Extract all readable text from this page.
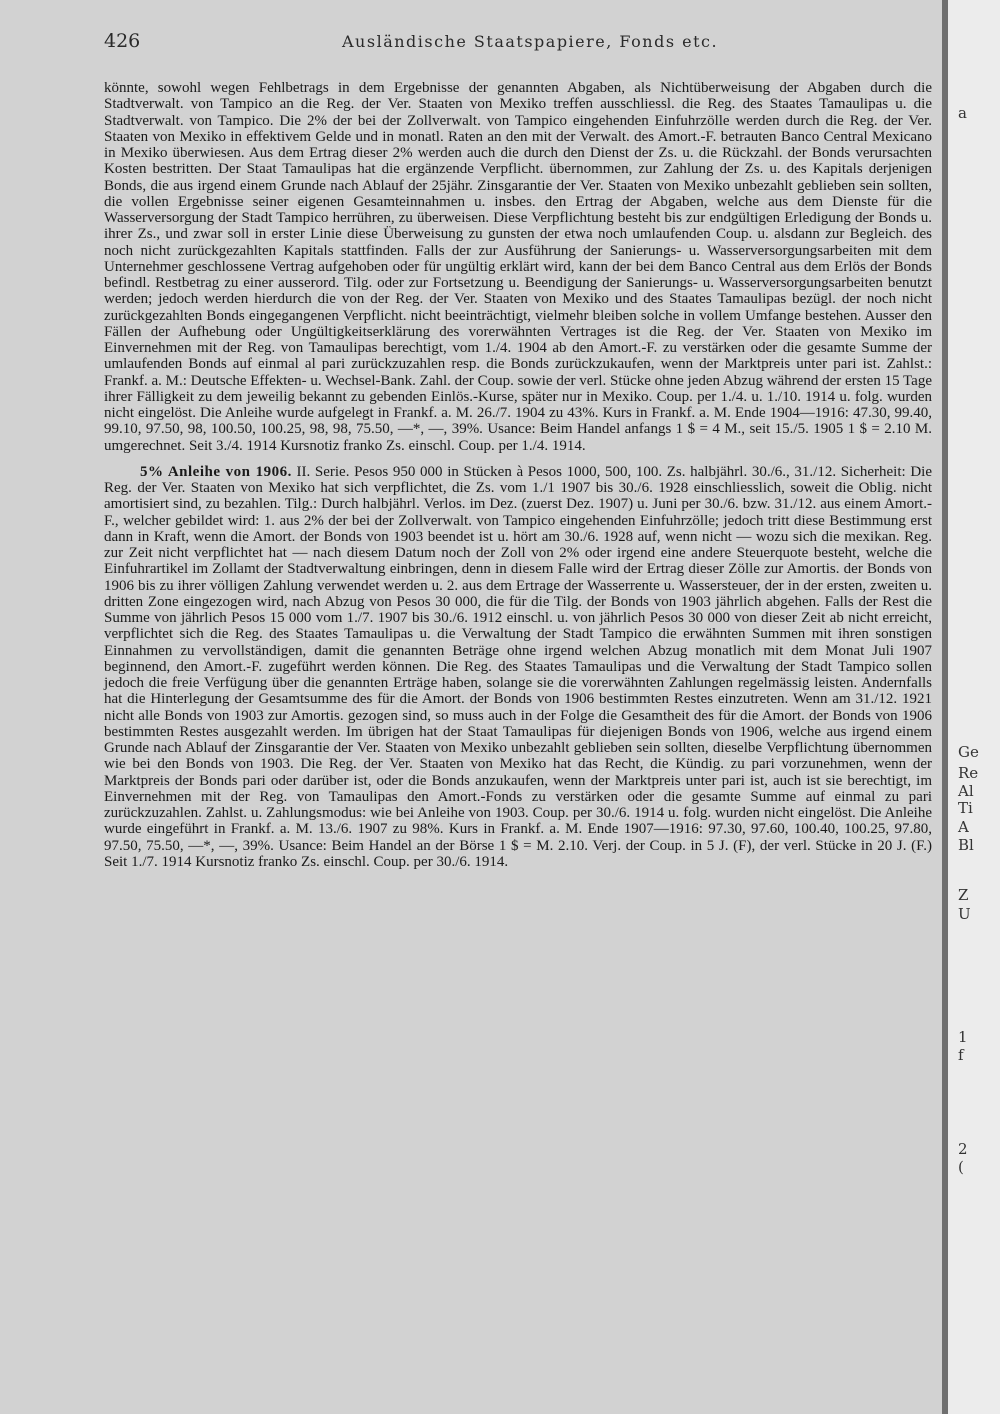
426	Ausländische Staatspapiere, Fonds etc.

könnte, sowohl wegen Fehlbetrags in dem Ergebnisse der genannten Abgaben, als Nichtüberweisung der Abgaben durch die Stadtverwalt. von Tampico an die Reg. der Ver. Staaten von Mexiko treffen ausschliessl. die Reg. des Staates Tamaulipas u. die Stadtverwalt. von Tampico. Die 2% der bei der Zollverwalt. von Tampico eingehenden Einfuhrzölle werden durch die Reg. der Ver. Staaten von Mexiko in effektivem Gelde und in monatl. Raten an den mit der Verwalt. des Amort.-F. betrauten Banco Central Mexicano in Mexiko überwiesen. Aus dem Ertrag dieser 2% werden auch die durch den Dienst der Zs. u. die Rückzahl. der Bonds verursachten Kosten bestritten. Der Staat Tamaulipas hat die ergänzende Verpflicht. übernommen, zur Zahlung der Zs. u. des Kapitals derjenigen Bonds, die aus irgend einem Grunde nach Ablauf der 25jähr. Zinsgarantie der Ver. Staaten von Mexiko unbezahlt geblieben sein sollten, die vollen Ergebnisse seiner eigenen Gesamteinnahmen u. insbes. den Ertrag der Abgaben, welche aus dem Dienste für die Wasserversorgung der Stadt Tampico herrühren, zu überweisen. Diese Verpflichtung besteht bis zur endgültigen Erledigung der Bonds u. ihrer Zs., und zwar soll in erster Linie diese Überweisung zu gunsten der etwa noch umlaufenden Coup. u. alsdann zur Begleich. des noch nicht zurückgezahlten Kapitals stattfinden. Falls der zur Ausführung der Sanierungs- u. Wasserversorgungsarbeiten mit dem Unternehmer geschlossene Vertrag aufgehoben oder für ungültig erklärt wird, kann der bei dem Banco Central aus dem Erlös der Bonds befindl. Restbetrag zu einer ausserord. Tilg. oder zur Fortsetzung u. Beendigung der Sanierungs- u. Wasserversorgungsarbeiten benutzt werden; jedoch werden hierdurch die von der Reg. der Ver. Staaten von Mexiko und des Staates Tamaulipas bezügl. der noch nicht zurückgezahlten Bonds eingegangenen Verpflicht. nicht beeinträchtigt, vielmehr bleiben solche in vollem Umfange bestehen. Ausser den Fällen der Aufhebung oder Ungültigkeitserklärung des vorerwähnten Vertrages ist die Reg. der Ver. Staaten von Mexiko im Einvernehmen mit der Reg. von Tamaulipas berechtigt, vom 1./4. 1904 ab den Amort.-F. zu verstärken oder die gesamte Summe der umlaufenden Bonds auf einmal al pari zurückzuzahlen resp. die Bonds zurückzukaufen, wenn der Marktpreis unter pari ist. Zahlst.: Frankf. a. M.: Deutsche Effekten- u. Wechsel-Bank. Zahl. der Coup. sowie der verl. Stücke ohne jeden Abzug während der ersten 15 Tage ihrer Fälligkeit zu dem jeweilig bekannt zu gebenden Einlös.-Kurse, später nur in Mexiko. Coup. per 1./4. u. 1./10. 1914 u. folg. wurden nicht eingelöst. Die Anleihe wurde aufgelegt in Frankf. a. M. 26./7. 1904 zu 43%. Kurs in Frankf. a. M. Ende 1904—1916: 47.30, 99.40, 99.10, 97.50, 98, 100.50, 100.25, 98, 98, 75.50, —*, —, 39%. Usance: Beim Handel anfangs 1 $ = 4 M., seit 15./5. 1905 1 $ = 2.10 M. umgerechnet. Seit 3./4. 1914 Kursnotiz franko Zs. einschl. Coup. per 1./4. 1914.

5% Anleihe von 1906. II. Serie. Pesos 950 000 in Stücken à Pesos 1000, 500, 100. Zs. halbjährl. 30./6., 31./12. Sicherheit: Die Reg. der Ver. Staaten von Mexiko hat sich verpflichtet, die Zs. vom 1./1 1907 bis 30./6. 1928 einschliesslich, soweit die Oblig. nicht amortisiert sind, zu bezahlen. Tilg.: Durch halbjährl. Verlos. im Dez. (zuerst Dez. 1907) u. Juni per 30./6. bzw. 31./12. aus einem Amort.-F., welcher gebildet wird: 1. aus 2% der bei der Zollverwalt. von Tampico eingehenden Einfuhrzölle; jedoch tritt diese Bestimmung erst dann in Kraft, wenn die Amort. der Bonds von 1903 beendet ist u. hört am 30./6. 1928 auf, wenn nicht — wozu sich die mexikan. Reg. zur Zeit nicht verpflichtet hat — nach diesem Datum noch der Zoll von 2% oder irgend eine andere Steuerquote besteht, welche die Einfuhrartikel im Zollamt der Stadtverwaltung einbringen, denn in diesem Falle wird der Ertrag dieser Zölle zur Amortis. der Bonds von 1906 bis zu ihrer völligen Zahlung verwendet werden u. 2. aus dem Ertrage der Wasserrente u. Wassersteuer, der in der ersten, zweiten u. dritten Zone eingezogen wird, nach Abzug von Pesos 30 000, die für die Tilg. der Bonds von 1903 jährlich abgehen. Falls der Rest die Summe von jährlich Pesos 15 000 vom 1./7. 1907 bis 30./6. 1912 einschl. u. von jährlich Pesos 30 000 von dieser Zeit ab nicht erreicht, verpflichtet sich die Reg. des Staates Tamaulipas u. die Verwaltung der Stadt Tampico die erwähnten Summen mit ihren sonstigen Einnahmen zu vervollständigen, damit die genannten Beträge ohne irgend welchen Abzug monatlich mit dem Monat Juli 1907 beginnend, den Amort.-F. zugeführt werden können. Die Reg. des Staates Tamaulipas und die Verwaltung der Stadt Tampico sollen jedoch die freie Verfügung über die genannten Erträge haben, solange sie die vorerwähnten Zahlungen regelmässig leisten. Andernfalls hat die Hinterlegung der Gesamtsumme des für die Amort. der Bonds von 1906 bestimmten Restes einzutreten. Wenn am 31./12. 1921 nicht alle Bonds von 1903 zur Amortis. gezogen sind, so muss auch in der Folge die Gesamtheit des für die Amort. der Bonds von 1906 bestimmten Restes ausgezahlt werden. Im übrigen hat der Staat Tamaulipas für diejenigen Bonds von 1906, welche aus irgend einem Grunde nach Ablauf der Zinsgarantie der Ver. Staaten von Mexiko unbezahlt geblieben sein sollten, dieselbe Verpflichtung übernommen wie bei den Bonds von 1903. Die Reg. der Ver. Staaten von Mexiko hat das Recht, die Kündig. zu pari vorzunehmen, wenn der Marktpreis der Bonds pari oder darüber ist, oder die Bonds anzukaufen, wenn der Marktpreis unter pari ist, auch ist sie berechtigt, im Einvernehmen mit der Reg. von Tamaulipas den Amort.-Fonds zu verstärken oder die gesamte Summe auf einmal zu pari zurückzuzahlen. Zahlst. u. Zahlungsmodus: wie bei Anleihe von 1903. Coup. per 30./6. 1914 u. folg. wurden nicht eingelöst. Die Anleihe wurde eingeführt in Frankf. a. M. 13./6. 1907 zu 98%. Kurs in Frankf. a. M. Ende 1907—1916: 97.30, 97.60, 100.40, 100.25, 97.80, 97.50, 75.50, —*, —, 39%. Usance: Beim Handel an der Börse 1 $ = M. 2.10. Verj. der Coup. in 5 J. (F), der verl. Stücke in 20 J. (F.) Seit 1./7. 1914 Kursnotiz franko Zs. einschl. Coup. per 30./6. 1914.

a
Ge
Re
Al
Ti
A
Bl
Z
U
1
f
2
(
